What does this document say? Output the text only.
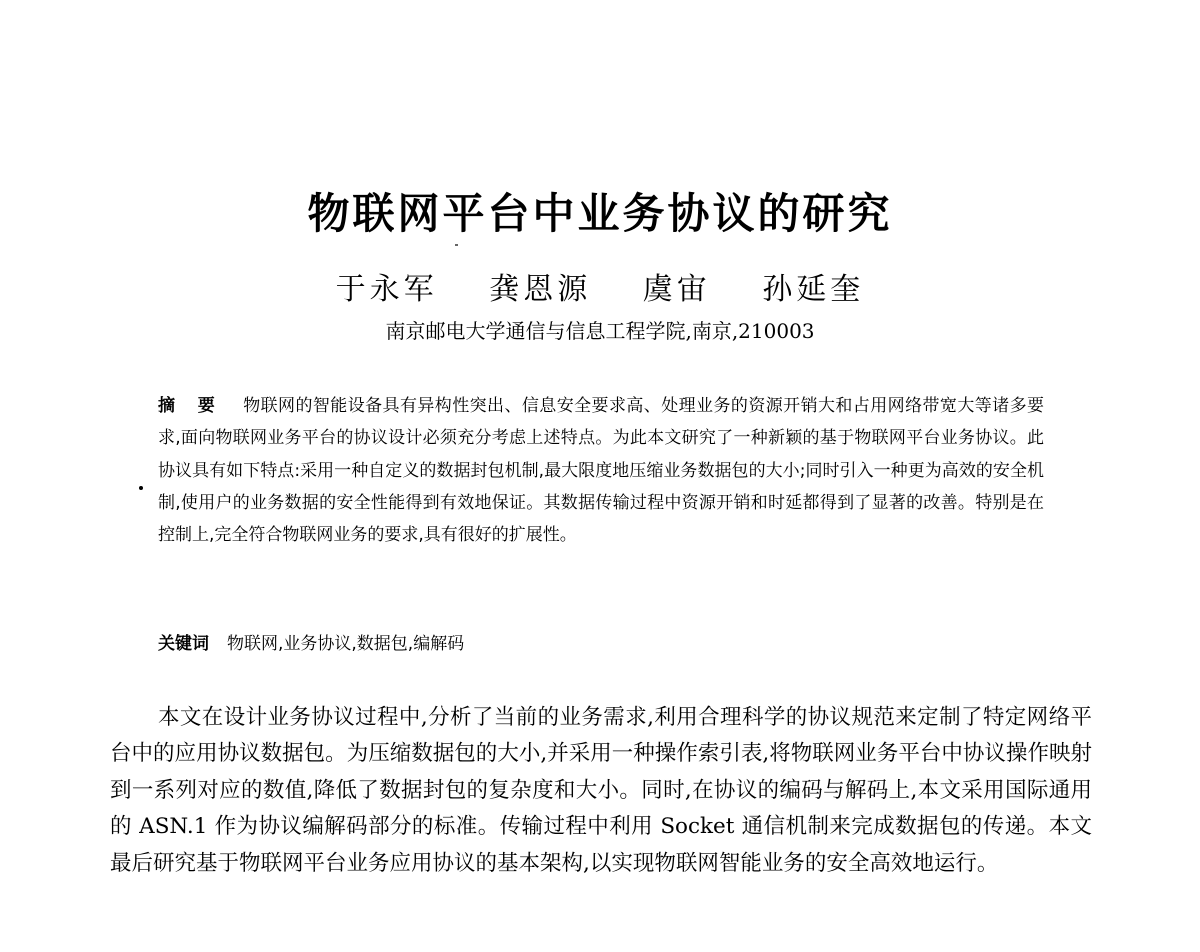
物联网平台中业务协议的研究
于永军 龚恩源 虞宙 孙延奎
南京邮电大学通信与信息工程学院,南京,210003
摘 要 物联网的智能设备具有异构性突出、信息安全要求高、处理业务的资源开销大和占用网络带宽大等诸多要求,面向物联网业务平台的协议设计必须充分考虑上述特点。为此本文研究了一种新颖的基于物联网平台业务协议。此协议具有如下特点:采用一种自定义的数据封包机制,最大限度地压缩业务数据包的大小;同时引入一种更为高效的安全机制,使用户的业务数据的安全性能得到有效地保证。其数据传输过程中资源开销和时延都得到了显著的改善。特别是在控制上,完全符合物联网业务的要求,具有很好的扩展性。
关键词 物联网,业务协议,数据包,编解码
本文在设计业务协议过程中,分析了当前的业务需求,利用合理科学的协议规范来定制了特定网络平台中的应用协议数据包。为压缩数据包的大小,并采用一种操作索引表,将物联网业务平台中协议操作映射到一系列对应的数值,降低了数据封包的复杂度和大小。同时,在协议的编码与解码上,本文采用国际通用的 ASN.1 作为协议编解码部分的标准。传输过程中利用 Socket 通信机制来完成数据包的传递。本文最后研究基于物联网平台业务应用协议的基本架构,以实现物联网智能业务的安全高效地运行。
